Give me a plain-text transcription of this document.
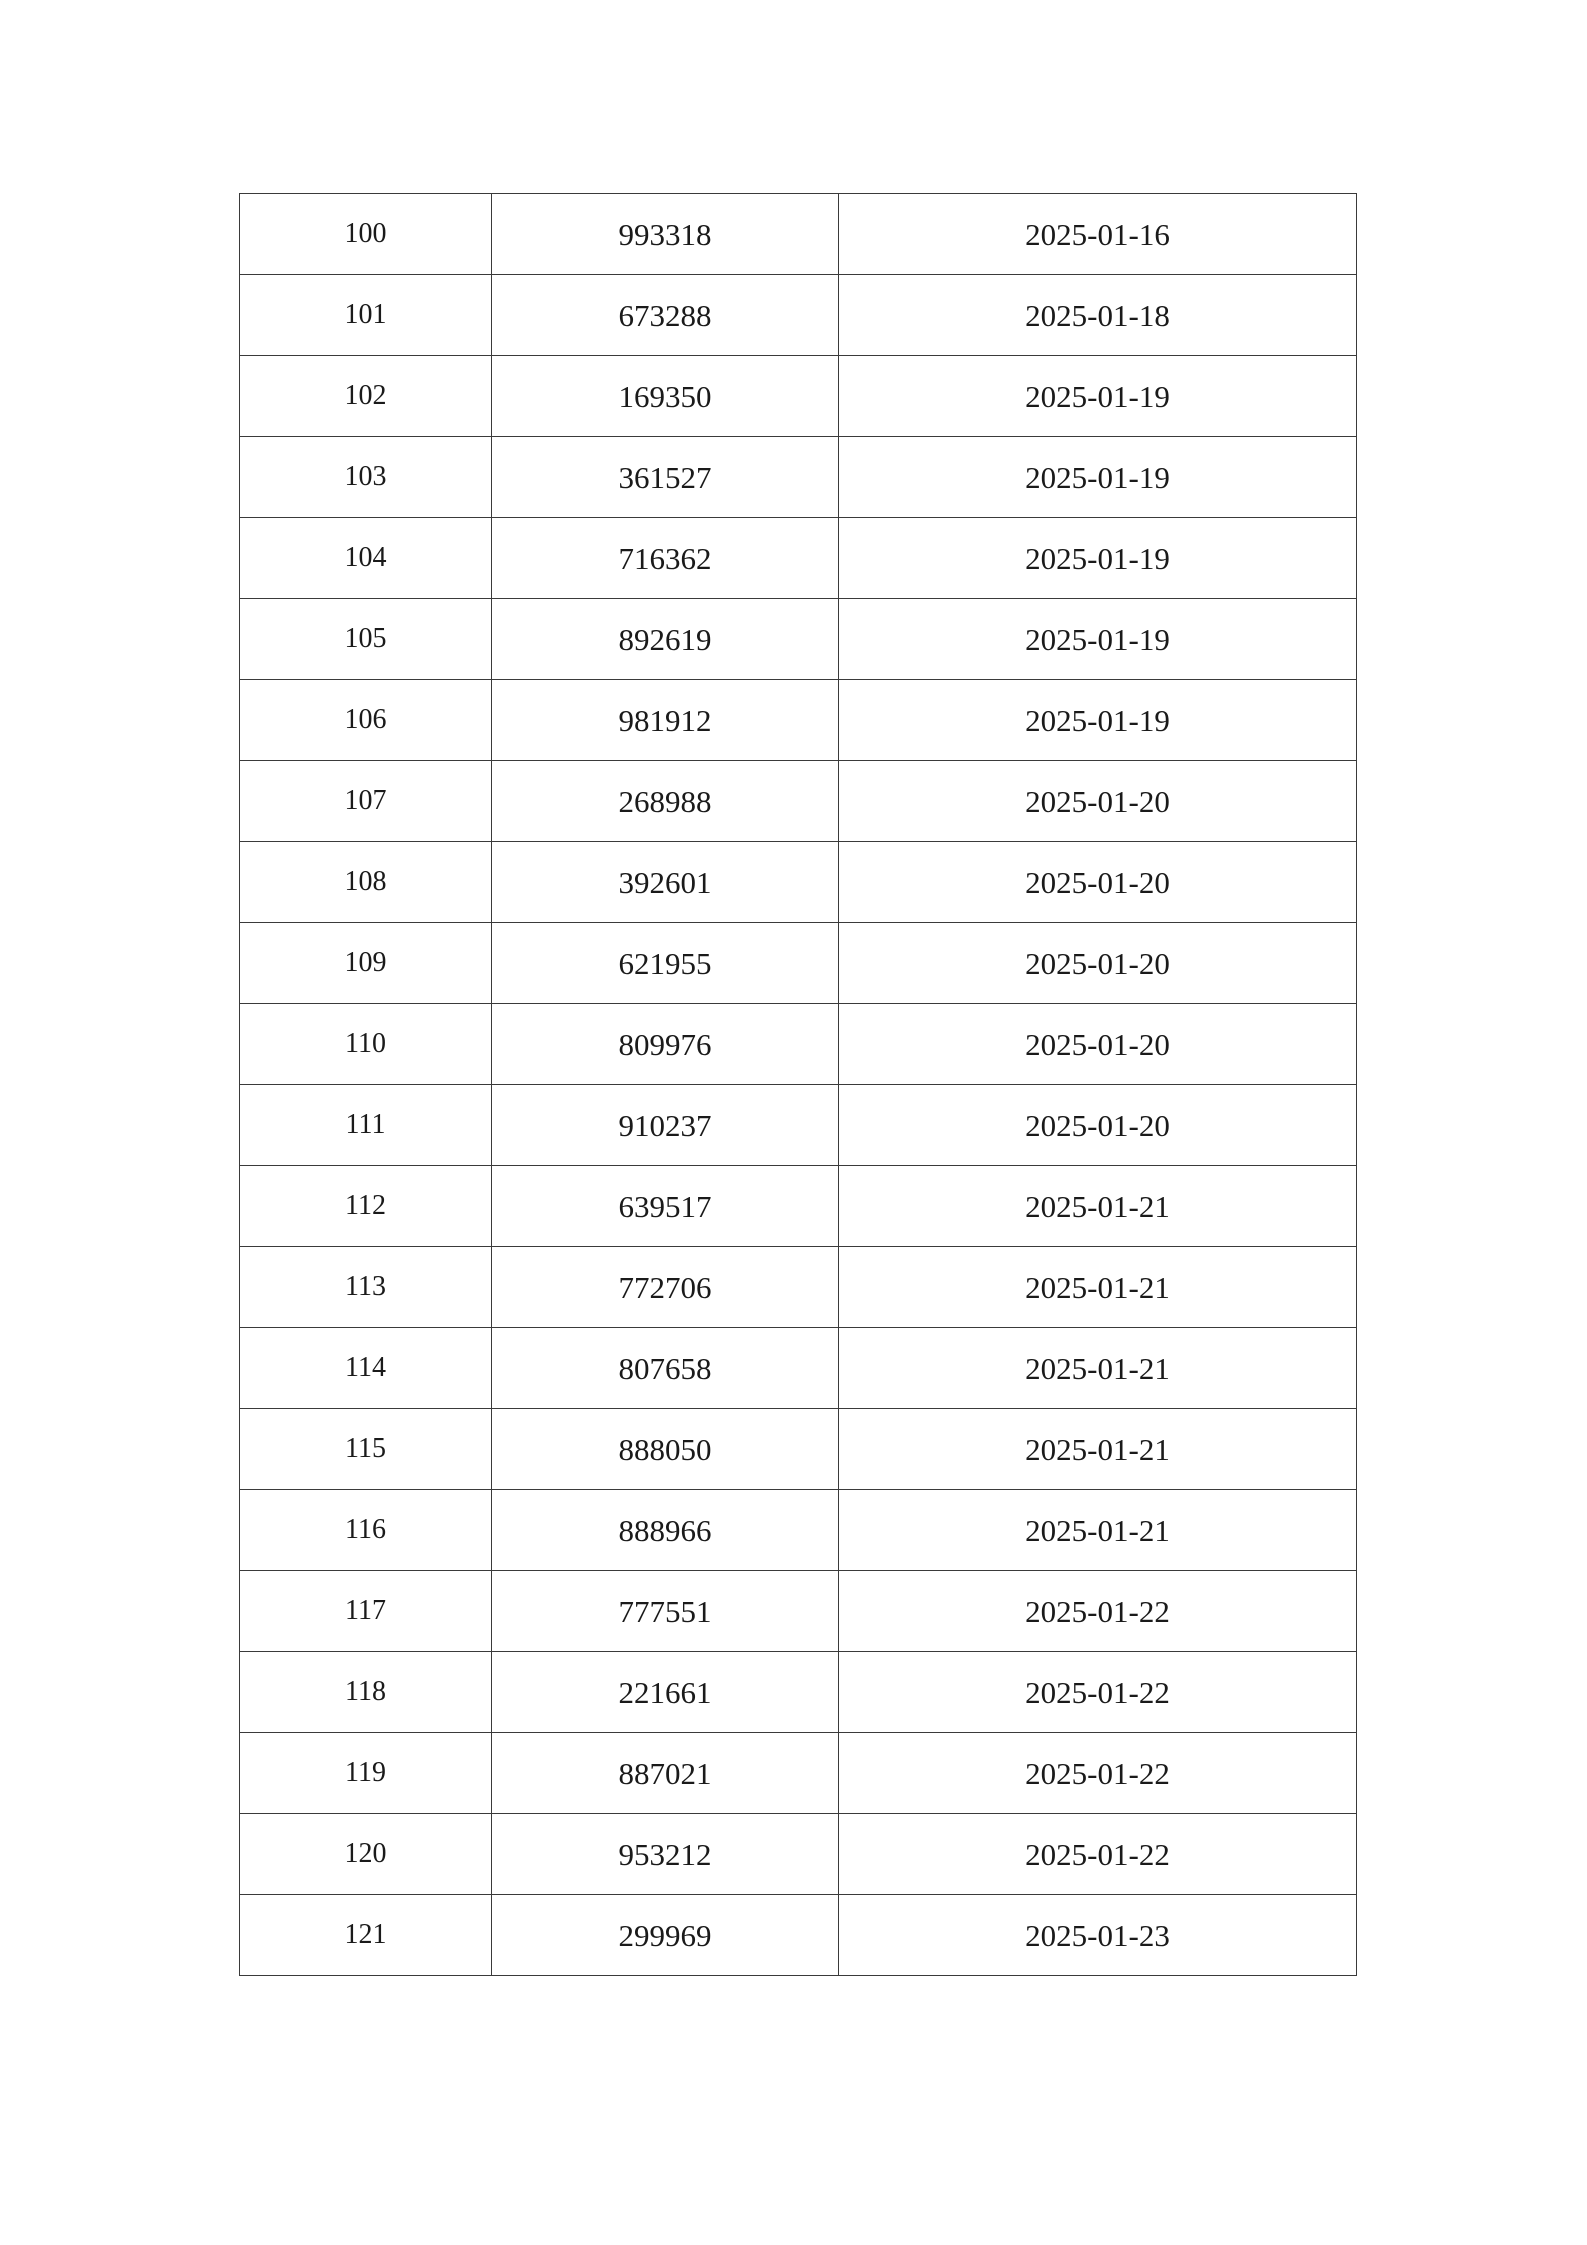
100	993318	2025-01-16
101	673288	2025-01-18
102	169350	2025-01-19
103	361527	2025-01-19
104	716362	2025-01-19
105	892619	2025-01-19
106	981912	2025-01-19
107	268988	2025-01-20
108	392601	2025-01-20
109	621955	2025-01-20
110	809976	2025-01-20
111	910237	2025-01-20
112	639517	2025-01-21
113	772706	2025-01-21
114	807658	2025-01-21
115	888050	2025-01-21
116	888966	2025-01-21
117	777551	2025-01-22
118	221661	2025-01-22
119	887021	2025-01-22
120	953212	2025-01-22
121	299969	2025-01-23
